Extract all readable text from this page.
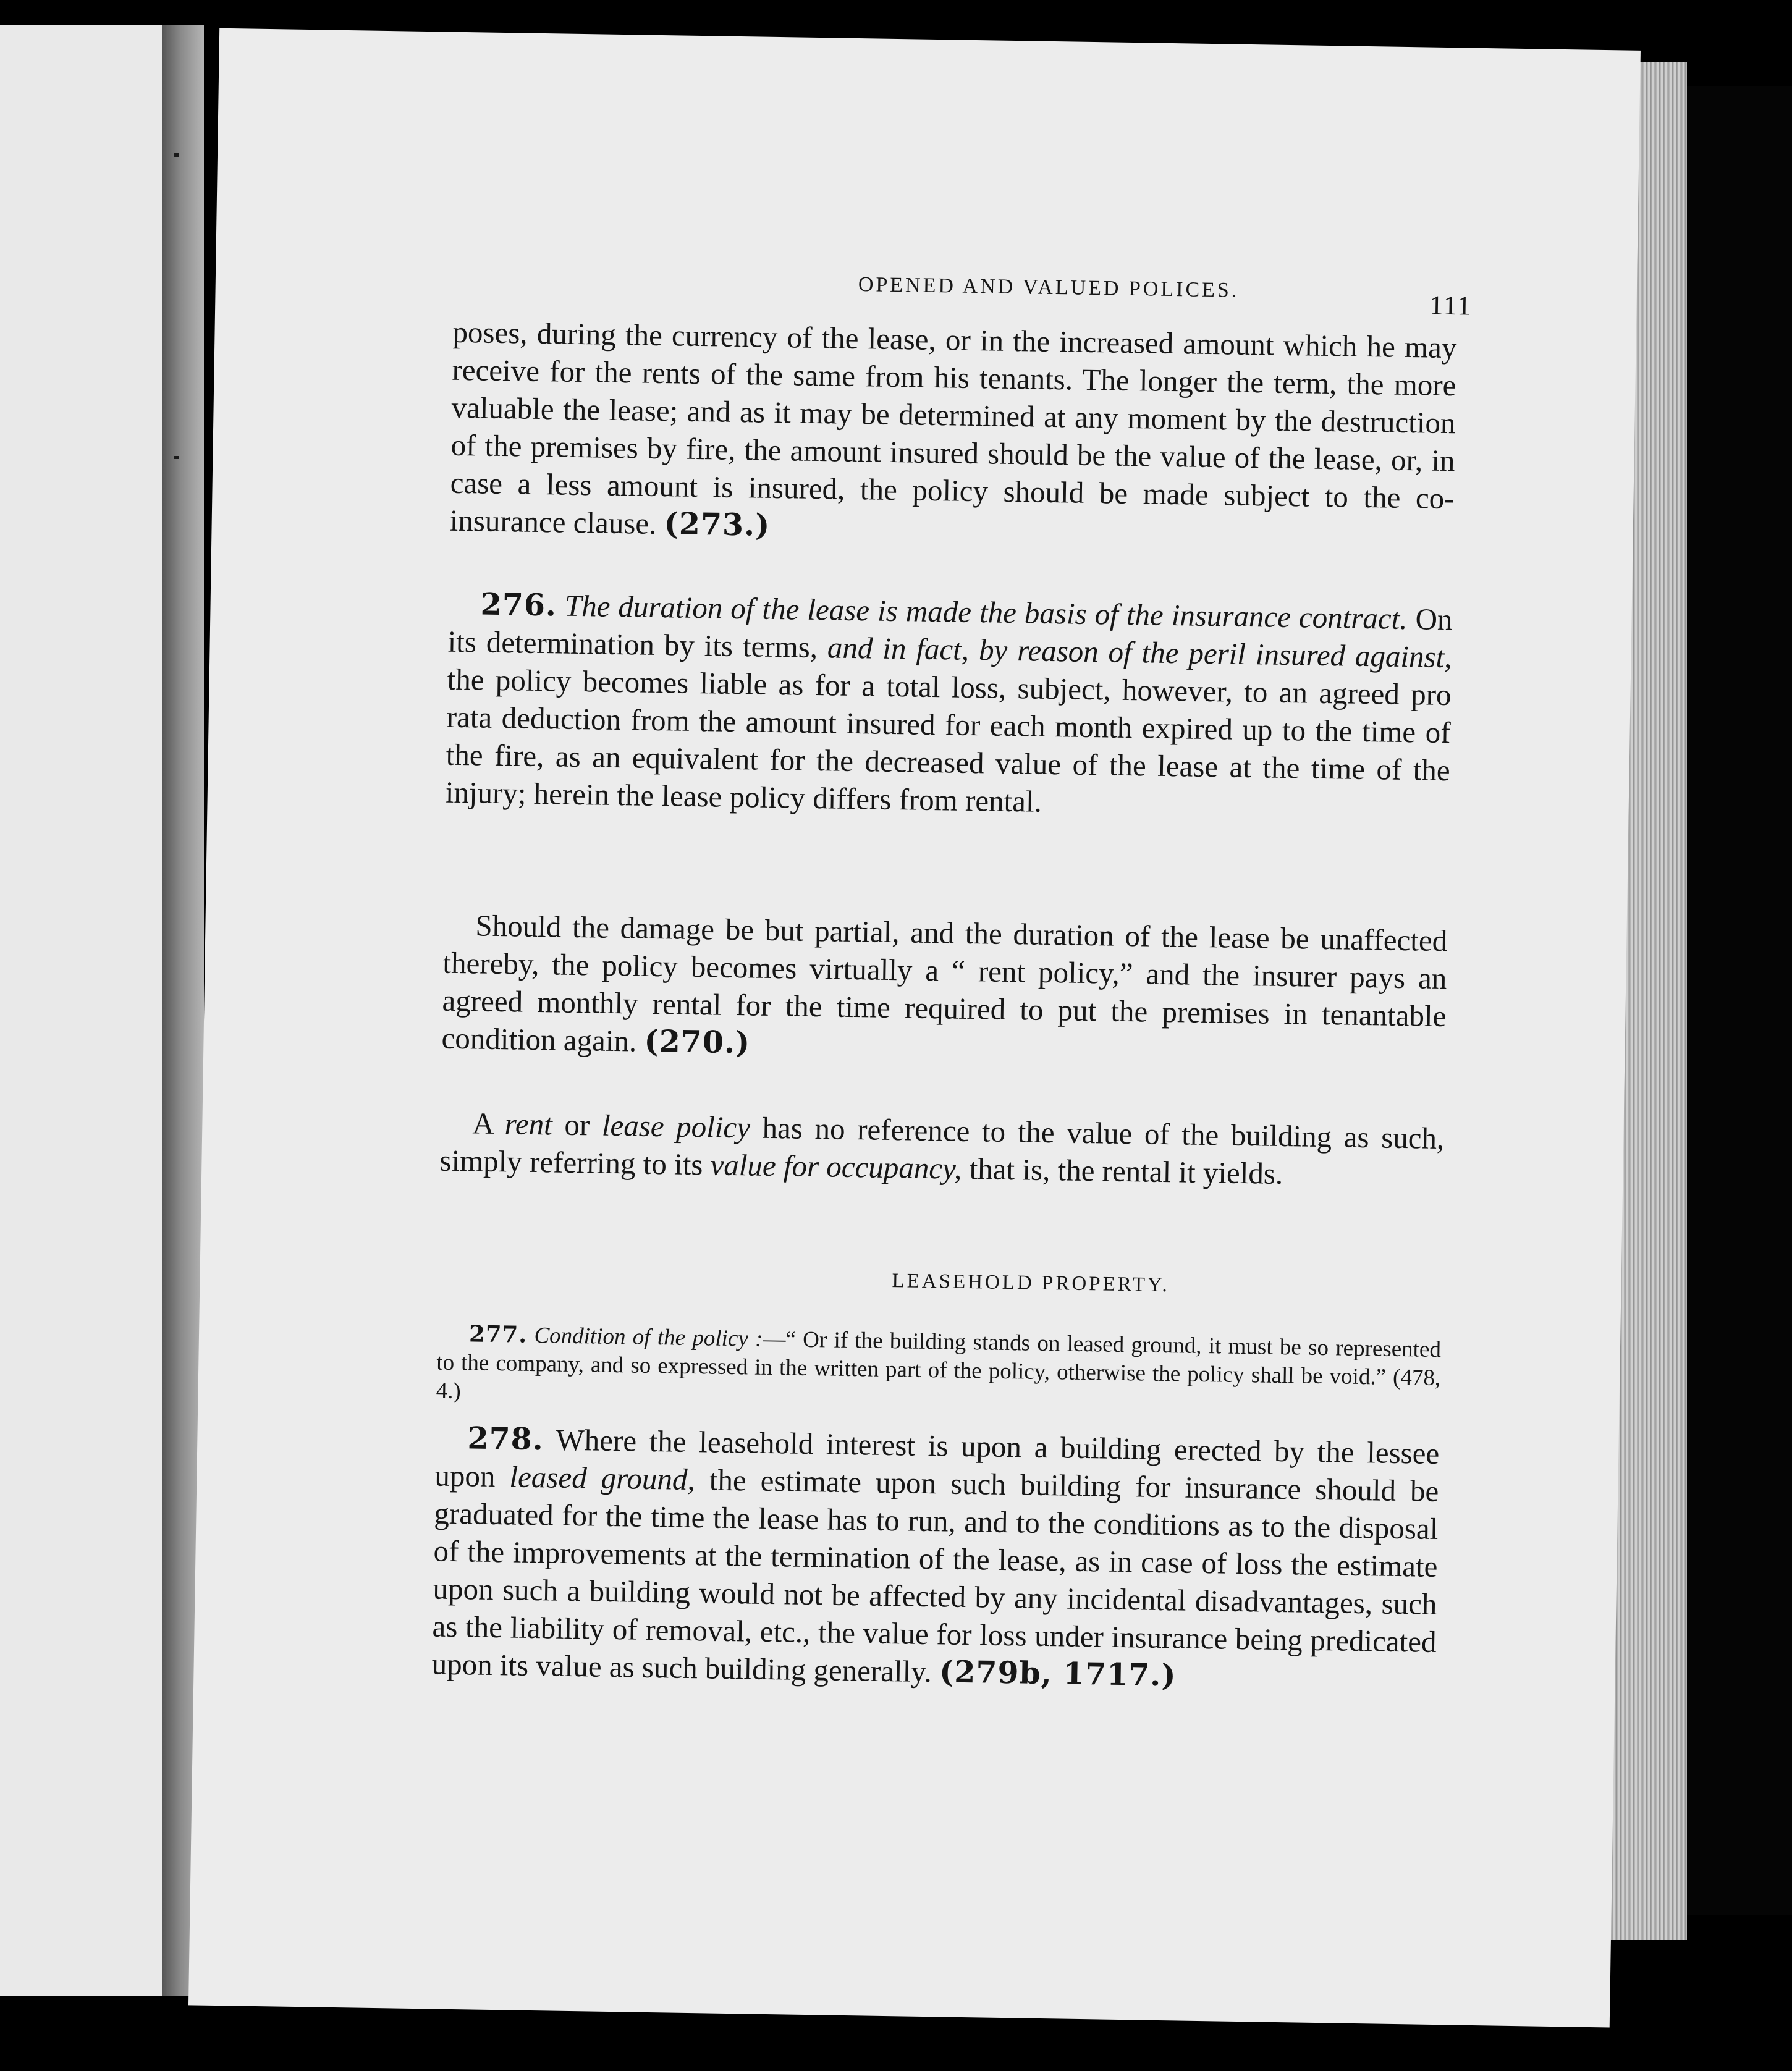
OPENED AND VALUED POLICES.
111
poses, during the currency of the lease, or in the increased amount which he may receive for the rents of the same from his tenants. The longer the term, the more valuable the lease; and as it may be determined at any moment by the destruction of the premises by fire, the amount insured should be the value of the lease, or, in case a less amount is insured, the policy should be made subject to the co-insurance clause. (273.)
276. The duration of the lease is made the basis of the insurance contract. On its determination by its terms, and in fact, by reason of the peril insured against, the policy becomes liable as for a total loss, subject, however, to an agreed pro rata deduction from the amount insured for each month expired up to the time of the fire, as an equivalent for the decreased value of the lease at the time of the injury; herein the lease policy differs from rental.
Should the damage be but partial, and the duration of the lease be unaffected thereby, the policy becomes virtually a “ rent policy,” and the insurer pays an agreed monthly rental for the time required to put the premises in tenantable condition again. (270.)
A rent or lease policy has no reference to the value of the building as such, simply referring to its value for occupancy, that is, the rental it yields.
LEASEHOLD PROPERTY.
277. Condition of the policy :—“ Or if the building stands on leased ground, it must be so represented to the company, and so expressed in the written part of the policy, otherwise the policy shall be void.” (478, 4.)
278. Where the leasehold interest is upon a building erected by the lessee upon leased ground, the estimate upon such building for insurance should be graduated for the time the lease has to run, and to the conditions as to the disposal of the improvements at the termination of the lease, as in case of loss the estimate upon such a building would not be affected by any incidental disadvantages, such as the liability of removal, etc., the value for loss under insurance being predicated upon its value as such building generally. (279b, 1717.)
